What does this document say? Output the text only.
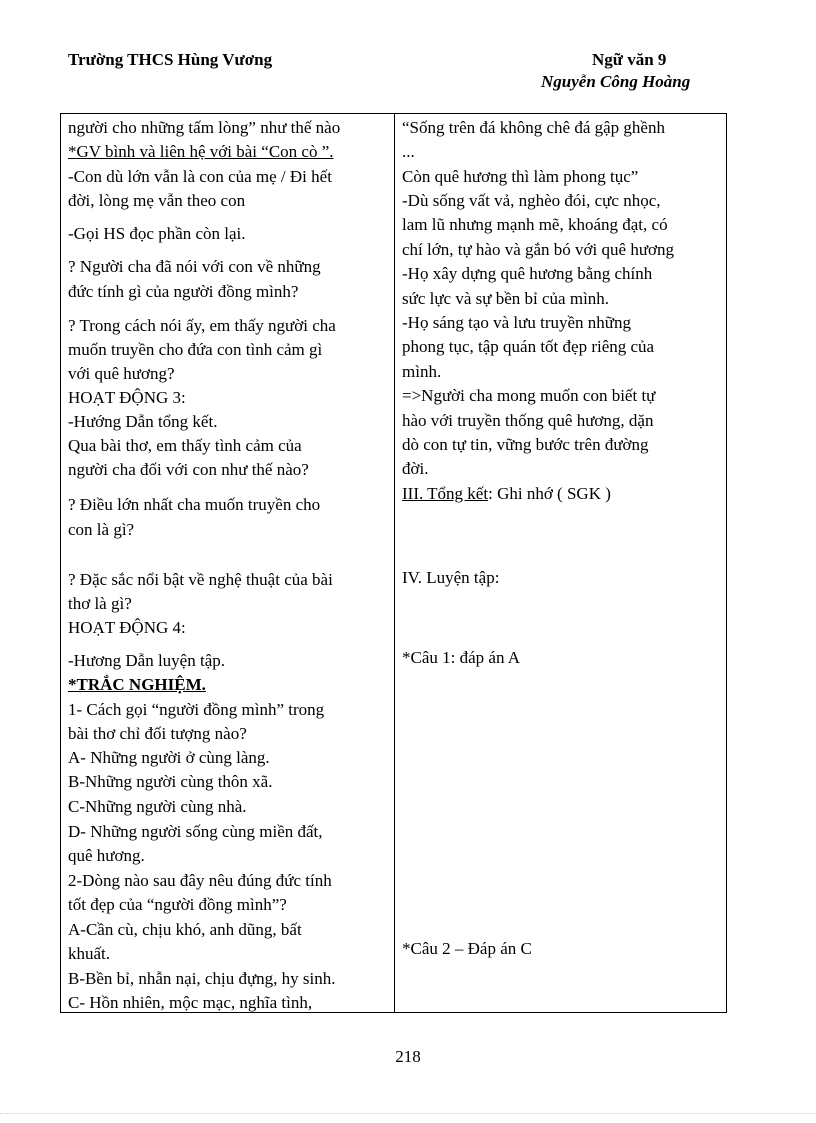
Trường THCS Hùng Vương	Ngữ văn 9
Nguyễn Công Hoàng
người cho những tấm lòng” như thế nào
*GV bình và liên hệ với bài “Con cò ”.
-Con dù lớn vẫn là con của mẹ / Đi hết
đời, lòng mẹ vẫn theo con
-Gọi HS đọc phần còn lại.
? Người cha đã nói với con về những
đức tính gì của người đồng mình?
? Trong cách nói ấy, em thấy người cha
muốn truyền cho đứa con tình cảm gì
với quê hương?
HOẠT ĐỘNG 3:
-Hướng Dẫn tổng kết.
Qua bài thơ, em thấy tình cảm của
người cha đối với con như thế nào?
? Điều lớn nhất cha muốn truyền cho
con là gì?
? Đặc sắc nổi bật về nghệ thuật của bài
thơ là gì?
HOẠT ĐỘNG 4:
-Hương Dẫn luyện tập.
*TRẮC NGHIỆM.
1- Cách gọi “người đồng mình” trong
bài thơ chỉ đối tượng nào?
A- Những người ở cùng làng.
B-Những người cùng thôn xã.
C-Những người cùng nhà.
D- Những người sống cùng miền đất,
quê hương.
2-Dòng nào sau đây nêu đúng đức tính
tốt đẹp của “người đồng mình”?
A-Cần cù, chịu khó, anh dũng, bất
khuất.
B-Bền bỉ, nhẫn nại, chịu đựng, hy sinh.
C- Hồn nhiên, mộc mạc, nghĩa tình,
“Sống trên đá không chê đá gập ghềnh
...
Còn quê hương thì làm phong tục”
-Dù sống vất vả, nghèo đói, cực nhọc,
lam lũ nhưng mạnh mẽ, khoáng đạt, có
chí lớn, tự hào và gắn bó với quê hương
-Họ xây dựng quê hương bằng chính
sức lực và sự bền bỉ của mình.
-Họ sáng tạo và lưu truyền những
phong tục, tập quán tốt đẹp riêng của
mình.
=>Người cha mong muốn con biết tự
hào với truyền thống quê hương, dặn
dò con tự tin, vững bước trên đường
đời.
III. Tổng kết: Ghi nhớ ( SGK )
IV. Luyện tập:
*Câu 1: đáp án A
*Câu 2 – Đáp án C
218
